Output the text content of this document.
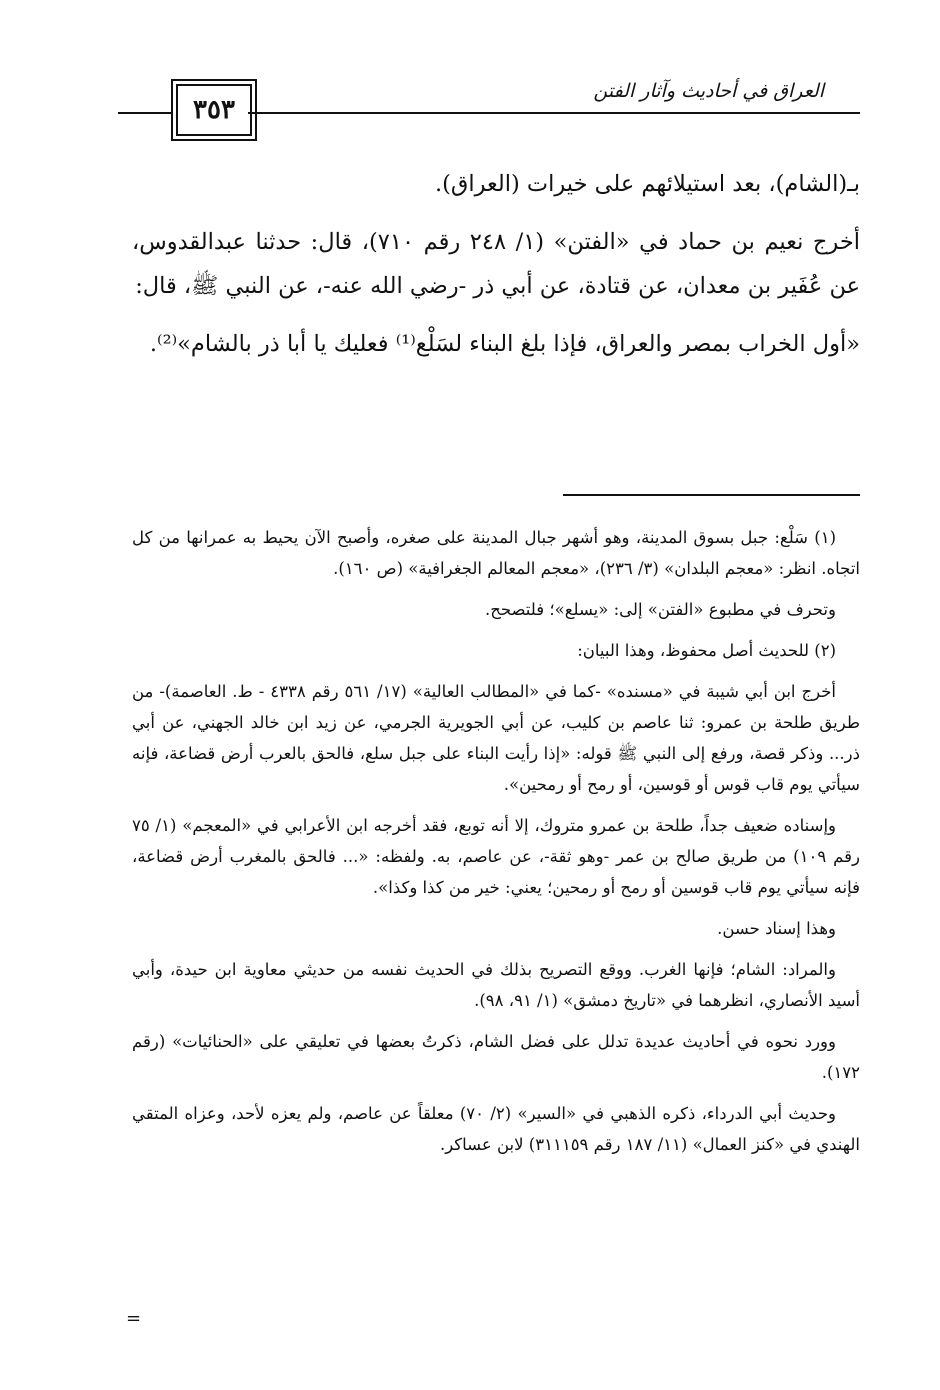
٣٥٣
العراق في أحاديث وآثار الفتن

بـ(الشام)، بعد استيلائهم على خيرات (العراق).

أخرج نعيم بن حماد في «الفتن» (١/ ٢٤٨ رقم ٧١٠)، قال: حدثنا عبدالقدوس، عن عُفَير بن معدان، عن قتادة، عن أبي ذر -رضي الله عنه-، عن النبي ﷺ، قال:

«أول الخراب بمصر والعراق، فإذا بلغ البناء لسَلْع⁽¹⁾ فعليك يا أبا ذر بالشام»⁽²⁾.

(١) سَلْع: جبل بسوق المدينة، وهو أشهر جبال المدينة على صغره، وأصبح الآن يحيط به عمرانها من كل اتجاه. انظر: «معجم البلدان» (٣/ ٢٣٦)، «معجم المعالم الجغرافية» (ص ١٦٠).

وتحرف في مطبوع «الفتن» إلى: «يسلع»؛ فلتصحح.

(٢) للحديث أصل محفوظ، وهذا البيان:

أخرج ابن أبي شيبة في «مسنده» -كما في «المطالب العالية» (١٧/ ٥٦١ رقم ٤٣٣٨ - ط. العاصمة)- من طريق طلحة بن عمرو: ثنا عاصم بن كليب، عن أبي الجويرية الجرمي، عن زيد ابن خالد الجهني، عن أبي ذر... وذكر قصة، ورفع إلى النبي ﷺ قوله: «إذا رأيت البناء على جبل سلع، فالحق بالعرب أرض قضاعة، فإنه سيأتي يوم قاب قوس أو قوسين، أو رمح أو رمحين».

وإسناده ضعيف جداً، طلحة بن عمرو متروك، إلا أنه توبع، فقد أخرجه ابن الأعرابي في «المعجم» (١/ ٧٥ رقم ١٠٩) من طريق صالح بن عمر -وهو ثقة-، عن عاصم، به. ولفظه: «... فالحق بالمغرب أرض قضاعة، فإنه سيأتي يوم قاب قوسين أو رمح أو رمحين؛ يعني: خير من كذا وكذا».

وهذا إسناد حسن.

والمراد: الشام؛ فإنها الغرب. ووقع التصريح بذلك في الحديث نفسه من حديثي معاوية ابن حيدة، وأبي أسيد الأنصاري، انظرهما في «تاريخ دمشق» (١/ ٩١، ٩٨).

وورد نحوه في أحاديث عديدة تدلل على فضل الشام، ذكرتُ بعضها في تعليقي على «الحنائيات» (رقم ١٧٢).

وحديث أبي الدرداء، ذكره الذهبي في «السير» (٢/ ٧٠) معلقاً عن عاصم، ولم يعزه لأحد، وعزاه المتقي الهندي في «كنز العمال» (١١/ ١٨٧ رقم ٣١١١٥٩) لابن عساكر.

=
